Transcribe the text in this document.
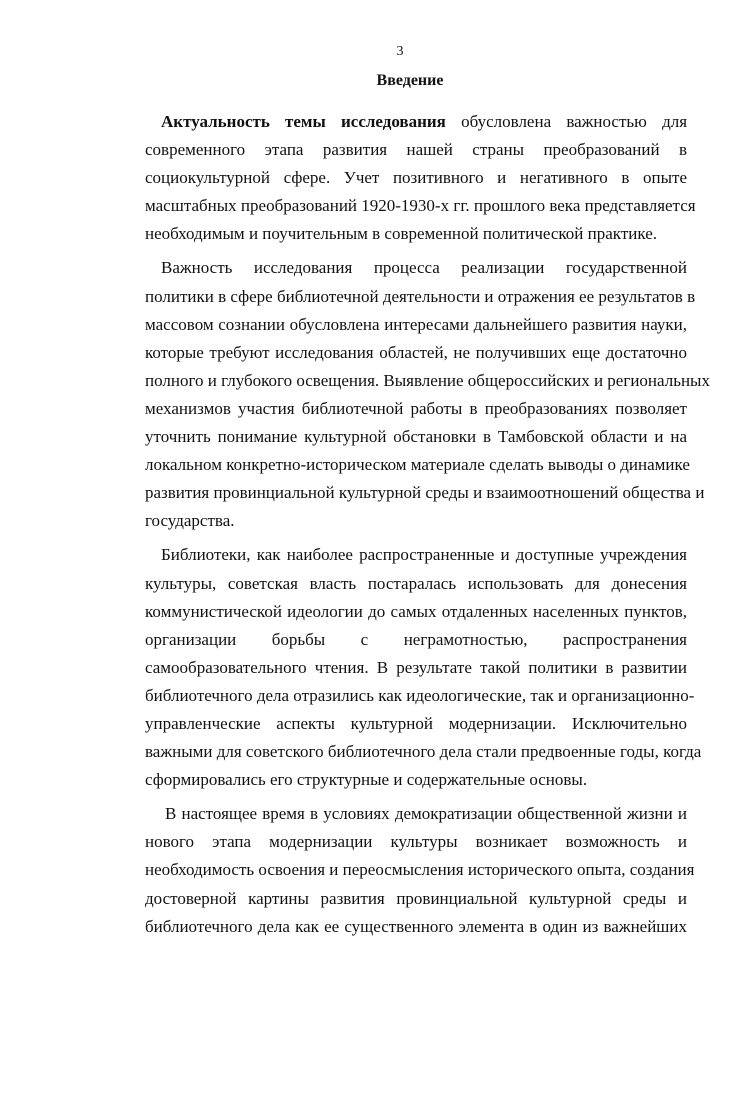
3
Введение
Актуальность темы исследования обусловлена важностью для
современного этапа развития нашей страны преобразований в
социокультурной сфере. Учет позитивного и негативного в опыте
масштабных преобразований 1920-1930-х гг. прошлого века представляется
необходимым и поучительным в современной политической практике.
Важность исследования процесса реализации государственной
политики в сфере библиотечной деятельности и отражения ее результатов в
массовом сознании обусловлена интересами дальнейшего развития науки,
которые требуют исследования областей, не получивших еще достаточно
полного и глубокого освещения. Выявление общероссийских и региональных
механизмов участия библиотечной работы в преобразованиях позволяет
уточнить понимание культурной обстановки в Тамбовской области и на
локальном конкретно-историческом материале сделать выводы о динамике
развития провинциальной культурной среды и взаимоотношений общества и
государства.
Библиотеки, как наиболее распространенные и доступные учреждения
культуры, советская власть постаралась использовать для донесения
коммунистической идеологии до самых отдаленных населенных пунктов,
организации борьбы с неграмотностью, распространения
самообразовательного чтения. В результате такой политики в развитии
библиотечного дела отразились как идеологические, так и организационно-
управленческие аспекты культурной модернизации. Исключительно
важными для советского библиотечного дела стали предвоенные годы, когда
сформировались его структурные и содержательные основы.
В настоящее время в условиях демократизации общественной жизни и
нового этапа модернизации культуры возникает возможность и
необходимость освоения и переосмысления исторического опыта, создания
достоверной картины развития провинциальной культурной среды и
библиотечного дела как ее существенного элемента в один из важнейших
